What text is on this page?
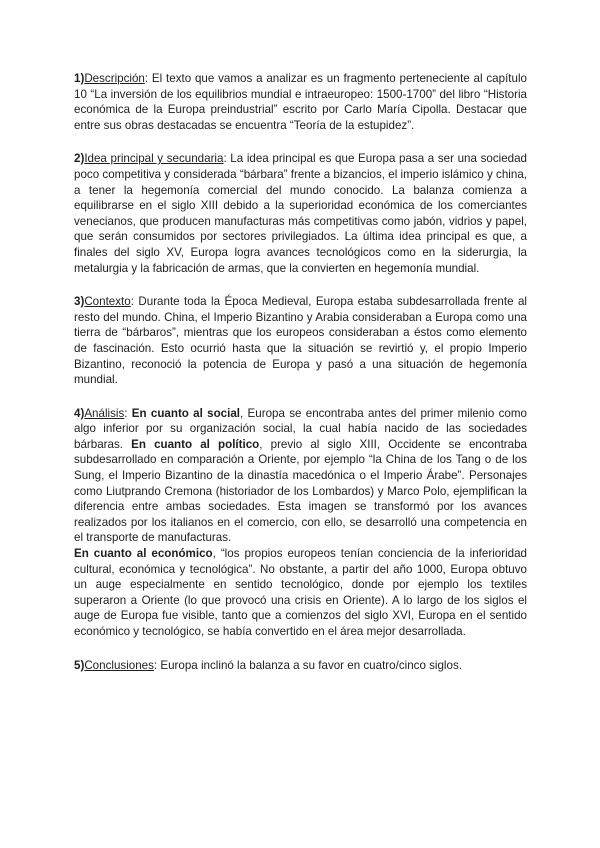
1)Descripción: El texto que vamos a analizar es un fragmento perteneciente al capítulo 10 “La inversión de los equilibrios mundial e intraeuropeo: 1500-1700” del libro “Historia económica de la Europa preindustrial” escrito por Carlo María Cipolla. Destacar que entre sus obras destacadas se encuentra “Teoría de la estupidez”.

2)Idea principal y secundaria: La idea principal es que Europa pasa a ser una sociedad poco competitiva y considerada “bárbara” frente a bizancios, el imperio islámico y china, a tener la hegemonía comercial del mundo conocido. La balanza comienza a equilibrarse en el siglo XIII debido a la superioridad económica de los comerciantes venecianos, que producen manufacturas más competitivas como jabón, vidrios y papel, que serán consumidos por sectores privilegiados. La última idea principal es que, a finales del siglo XV, Europa logra avances tecnológicos como en la siderurgia, la metalurgia y la fabricación de armas, que la convierten en hegemonía mundial.

3)Contexto: Durante toda la Época Medieval, Europa estaba subdesarrollada frente al resto del mundo. China, el Imperio Bizantino y Arabia consideraban a Europa como una tierra de “bárbaros”, mientras que los europeos consideraban a éstos como elemento de fascinación. Esto ocurrió hasta que la situación se revirtió y, el propio Imperio Bizantino, reconoció la potencia de Europa y pasó a una situación de hegemonía mundial.

4)Análisis: En cuanto al social, Europa se encontraba antes del primer milenio como algo inferior por su organización social, la cual había nacido de las sociedades bárbaras. En cuanto al político, previo al siglo XIII, Occidente se encontraba subdesarrollado en comparación a Oriente, por ejemplo “la China de los Tang o de los Sung, el Imperio Bizantino de la dinastía macedónica o el Imperio Árabe”. Personajes como Liutprando Cremona (historiador de los Lombardos) y Marco Polo, ejemplifican la diferencia entre ambas sociedades. Esta imagen se transformó por los avances realizados por los italianos en el comercio, con ello, se desarrolló una competencia en el transporte de manufacturas.
En cuanto al económico, “los propios europeos tenían conciencia de la inferioridad cultural, económica y tecnológica”. No obstante, a partir del año 1000, Europa obtuvo un auge especialmente en sentido tecnológico, donde por ejemplo los textiles superaron a Oriente (lo que provocó una crisis en Oriente). A lo largo de los siglos el auge de Europa fue visible, tanto que a comienzos del siglo XVI, Europa en el sentido económico y tecnológico, se había convertido en el área mejor desarrollada.

5)Conclusiones: Europa inclinó la balanza a su favor en cuatro/cinco siglos.
